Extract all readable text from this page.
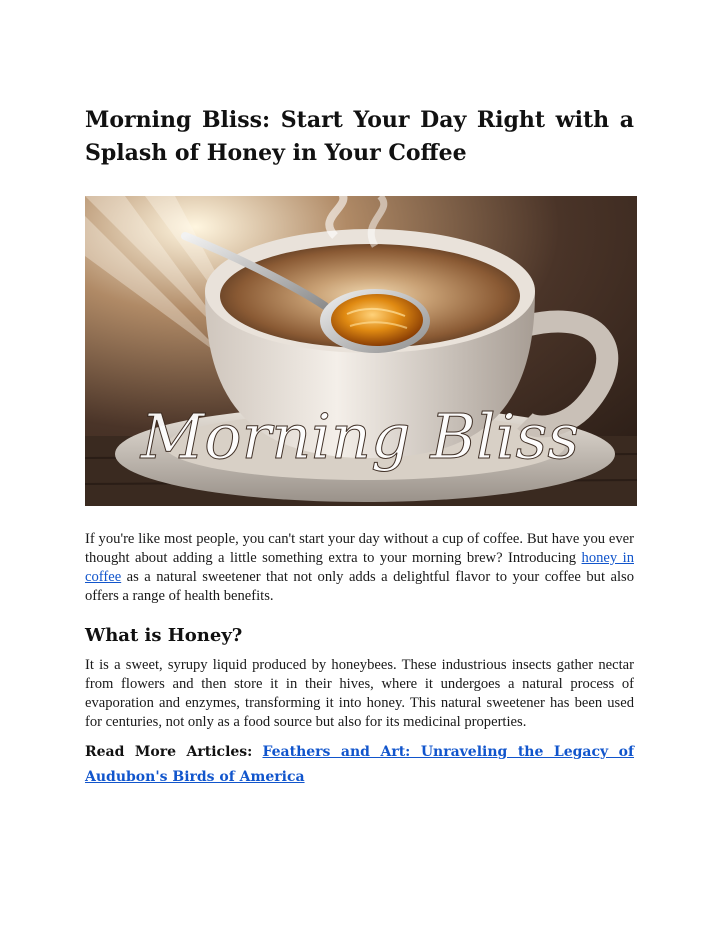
Morning Bliss: Start Your Day Right with a Splash of Honey in Your Coffee
Morning Bliss

If you're like most people, you can't start your day without a cup of coffee. But have you ever thought about adding a little something extra to your morning brew? Introducing honey in coffee as a natural sweetener that not only adds a delightful flavor to your coffee but also offers a range of health benefits.

What is Honey?

It is a sweet, syrupy liquid produced by honeybees. These industrious insects gather nectar from flowers and then store it in their hives, where it undergoes a natural process of evaporation and enzymes, transforming it into honey. This natural sweetener has been used for centuries, not only as a food source but also for its medicinal properties.

Read More Articles: Feathers and Art: Unraveling the Legacy of Audubon's Birds of America
